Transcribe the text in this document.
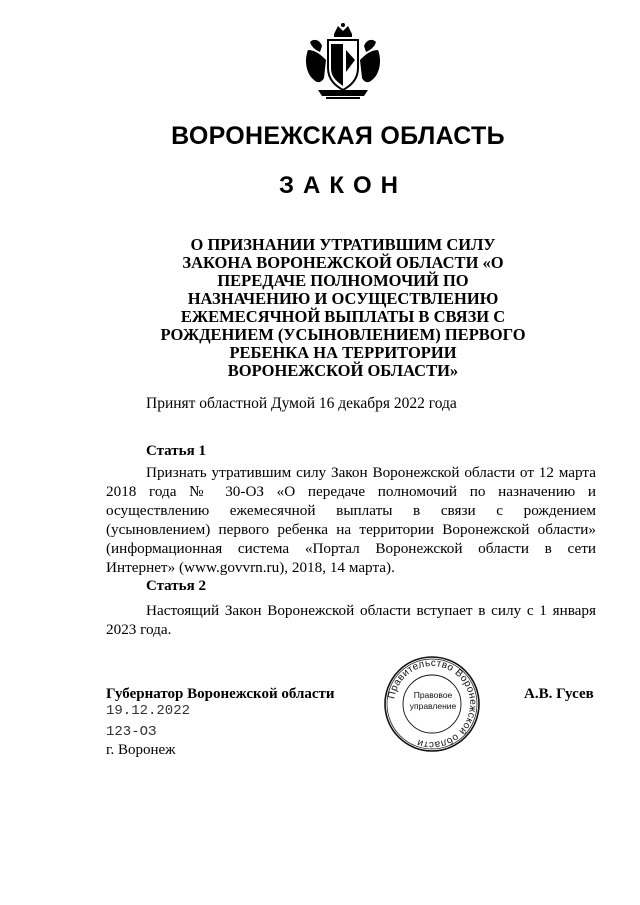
ВОРОНЕЖСКАЯ ОБЛАСТЬ
ЗАКОН
О ПРИЗНАНИИ УТРАТИВШИМ СИЛУ ЗАКОНА ВОРОНЕЖСКОЙ ОБЛАСТИ «О ПЕРЕДАЧЕ ПОЛНОМОЧИЙ ПО НАЗНАЧЕНИЮ И ОСУЩЕСТВЛЕНИЮ ЕЖЕМЕСЯЧНОЙ ВЫПЛАТЫ В СВЯЗИ С РОЖДЕНИЕМ (УСЫНОВЛЕНИЕМ) ПЕРВОГО РЕБЕНКА НА ТЕРРИТОРИИ ВОРОНЕЖСКОЙ ОБЛАСТИ»
Принят областной Думой 16 декабря 2022 года
Статья 1

Признать утратившим силу Закон Воронежской области от 12 марта 2018 года № 30-ОЗ «О передаче полномочий по назначению и осуществлению ежемесячной выплаты в связи с рождением (усыновлением) первого ребенка на территории Воронежской области» (информационная система «Портал Воронежской области в сети Интернет» (www.govvrn.ru), 2018, 14 марта).

Статья 2

Настоящий Закон Воронежской области вступает в силу с 1 января 2023 года.

Губернатор Воронежской области
19.12.2022
123-ОЗ
г. Воронеж
А.В. Гусев
Правительство Воронежской области
Правовое
управление
